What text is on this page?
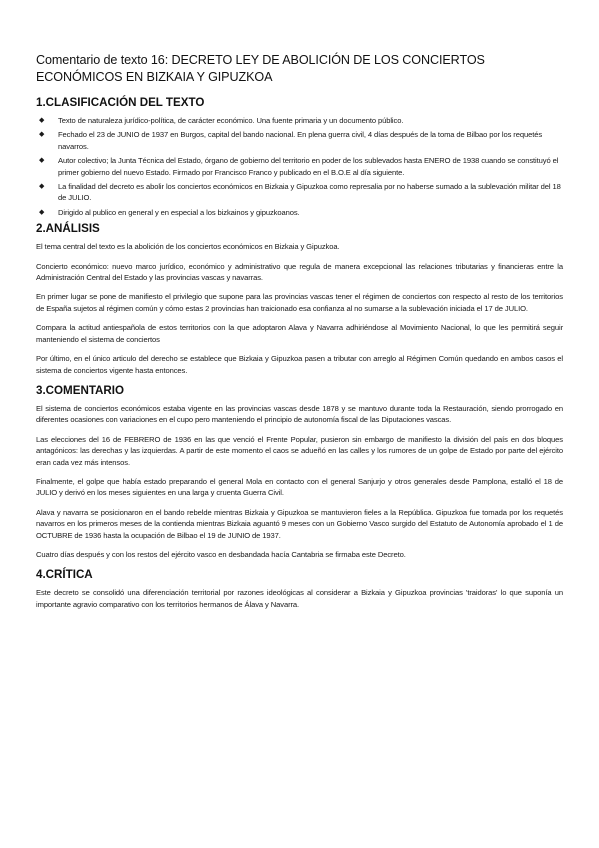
Comentario de texto 16: DECRETO LEY DE ABOLICIÓN DE LOS CONCIERTOS ECONÓMICOS EN BIZKAIA Y GIPUZKOA
1.CLASIFICACIÓN DEL TEXTO
◆ Texto de naturaleza jurídico-política, de carácter económico. Una fuente primaria y un documento público.
◆ Fechado el 23 de JUNIO de 1937 en Burgos, capital del bando nacional. En plena guerra civil, 4 días después de la toma de Bilbao por los requetés navarros.
◆ Autor colectivo; la Junta Técnica del Estado, órgano de gobierno del territorio en poder de los sublevados hasta ENERO de 1938 cuando se constituyó el primer gobierno del nuevo Estado. Firmado por Francisco Franco y publicado en el B.O.E al día siguiente.
◆ La finalidad del decreto es abolir los conciertos económicos en Bizkaia y Gipuzkoa como represalia por no haberse sumado a la sublevación militar del 18 de JULIO.
◆ Dirigido al publico en general y en especial a los bizkainos y gipuzkoanos.
2.ANÁLISIS

El tema central del texto es la abolición de los conciertos económicos en Bizkaia y Gipuzkoa.

Concierto económico: nuevo marco jurídico, económico y administrativo que regula de manera excepcional las relaciones tributarias y financieras entre la Administración Central del Estado y las provincias vascas y navarras.

En primer lugar se pone de manifiesto el privilegio que supone para las provincias vascas tener el régimen de conciertos con respecto al resto de los territorios de España sujetos al régimen común y cómo estas 2 provincias han traicionado esa confianza al no sumarse a la sublevación iniciada el 17 de JULIO.

Compara la actitud antiespañola de estos territorios con la que adoptaron Alava y Navarra adhiriéndose al Movimiento Nacional, lo que les permitirá seguir manteniendo el sistema de conciertos

Por último, en el único articulo del derecho se establece que Bizkaia y Gipuzkoa pasen a tributar con arreglo al Régimen Común quedando en ambos casos el sistema de conciertos vigente hasta entonces.

3.COMENTARIO

El sistema de conciertos económicos estaba vigente en las provincias vascas desde 1878 y se mantuvo durante toda la Restauración, siendo prorrogado en diferentes ocasiones con variaciones en el cupo pero manteniendo el principio de autonomía fiscal de las Diputaciones vascas.

Las elecciones del 16 de FEBRERO de 1936 en las que venció el Frente Popular, pusieron sin embargo de manifiesto la división del país en dos bloques antagónicos: las derechas y las izquierdas. A partir de este momento el caos se adueñó en las calles y los rumores de un golpe de Estado por parte del ejército eran cada vez más intensos.

Finalmente, el golpe que había estado preparando el general Mola en contacto con el general Sanjurjo y otros generales desde Pamplona, estalló el 18 de JULIO y derivó en los meses siguientes en una larga y cruenta Guerra Civil.

Alava y navarra se posicionaron en el bando rebelde mientras Bizkaia y Gipuzkoa se mantuvieron fieles a la República. Gipuzkoa fue tomada por los requetés navarros en los primeros meses de la contienda mientras Bizkaia aguantó 9 meses con un Gobierno Vasco surgido del Estatuto de Autonomía aprobado el 1 de OCTUBRE de 1936 hasta la ocupación de Bilbao el 19 de JUNIO de 1937.

Cuatro días después y con los restos del ejército vasco en desbandada hacía Cantabria se firmaba este Decreto.

4.CRÍTICA

Este decreto se consolidó una diferenciación territorial por razones ideológicas al considerar a Bizkaia y Gipuzkoa provincias 'traidoras' lo que suponía un importante agravio comparativo con los territorios hermanos de Álava y Navarra.
